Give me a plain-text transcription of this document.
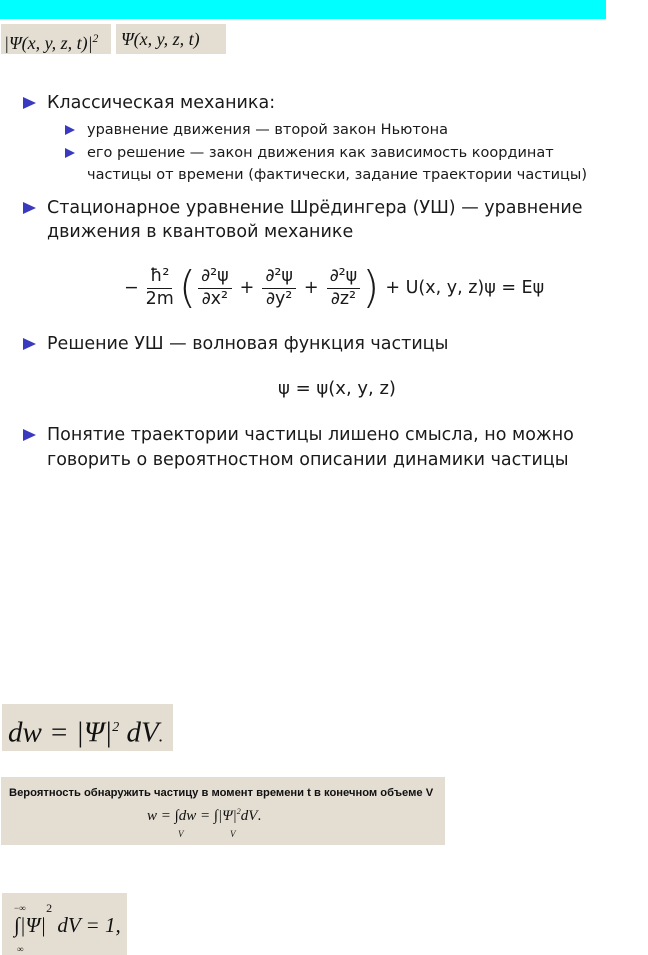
|Ψ(x, y, z, $t)|^2$	Ψ(x, y, z, t)
Классическая механика:
уравнение движения — второй закон Ньютона
его решение — закон движения как зависимость координат
частицы от времени (фактически, задание траектории частицы)
Стационарное уравнение Шрёдингера (УШ) — уравнение
движения в квантовой механике
− $\frac{\text{ħ²}}{2m}$ ( $\frac{\text{∂²ψ}}{\text{∂x²}} + \frac{\text{∂²ψ}}{\text{∂y²}} + \frac{\text{∂²ψ}}{\text{∂z²}}$ ) + U(x, y, z)ψ = Eψ
Решение УШ — волновая функция частицы
ψ = ψ(x, y, z)
Понятие траектории частицы лишено смысла, но можно
говорить о вероятностном описании динамики частицы
dw = $|\Psi|^2$ dV.
Вероятность обнаружить частицу в момент времени t в конечном объеме V
$w = \int dw = \int|\Psi|^2dV$.
V	V
−∞
$\int|\Psi|^2$ dV = 1,
∞
